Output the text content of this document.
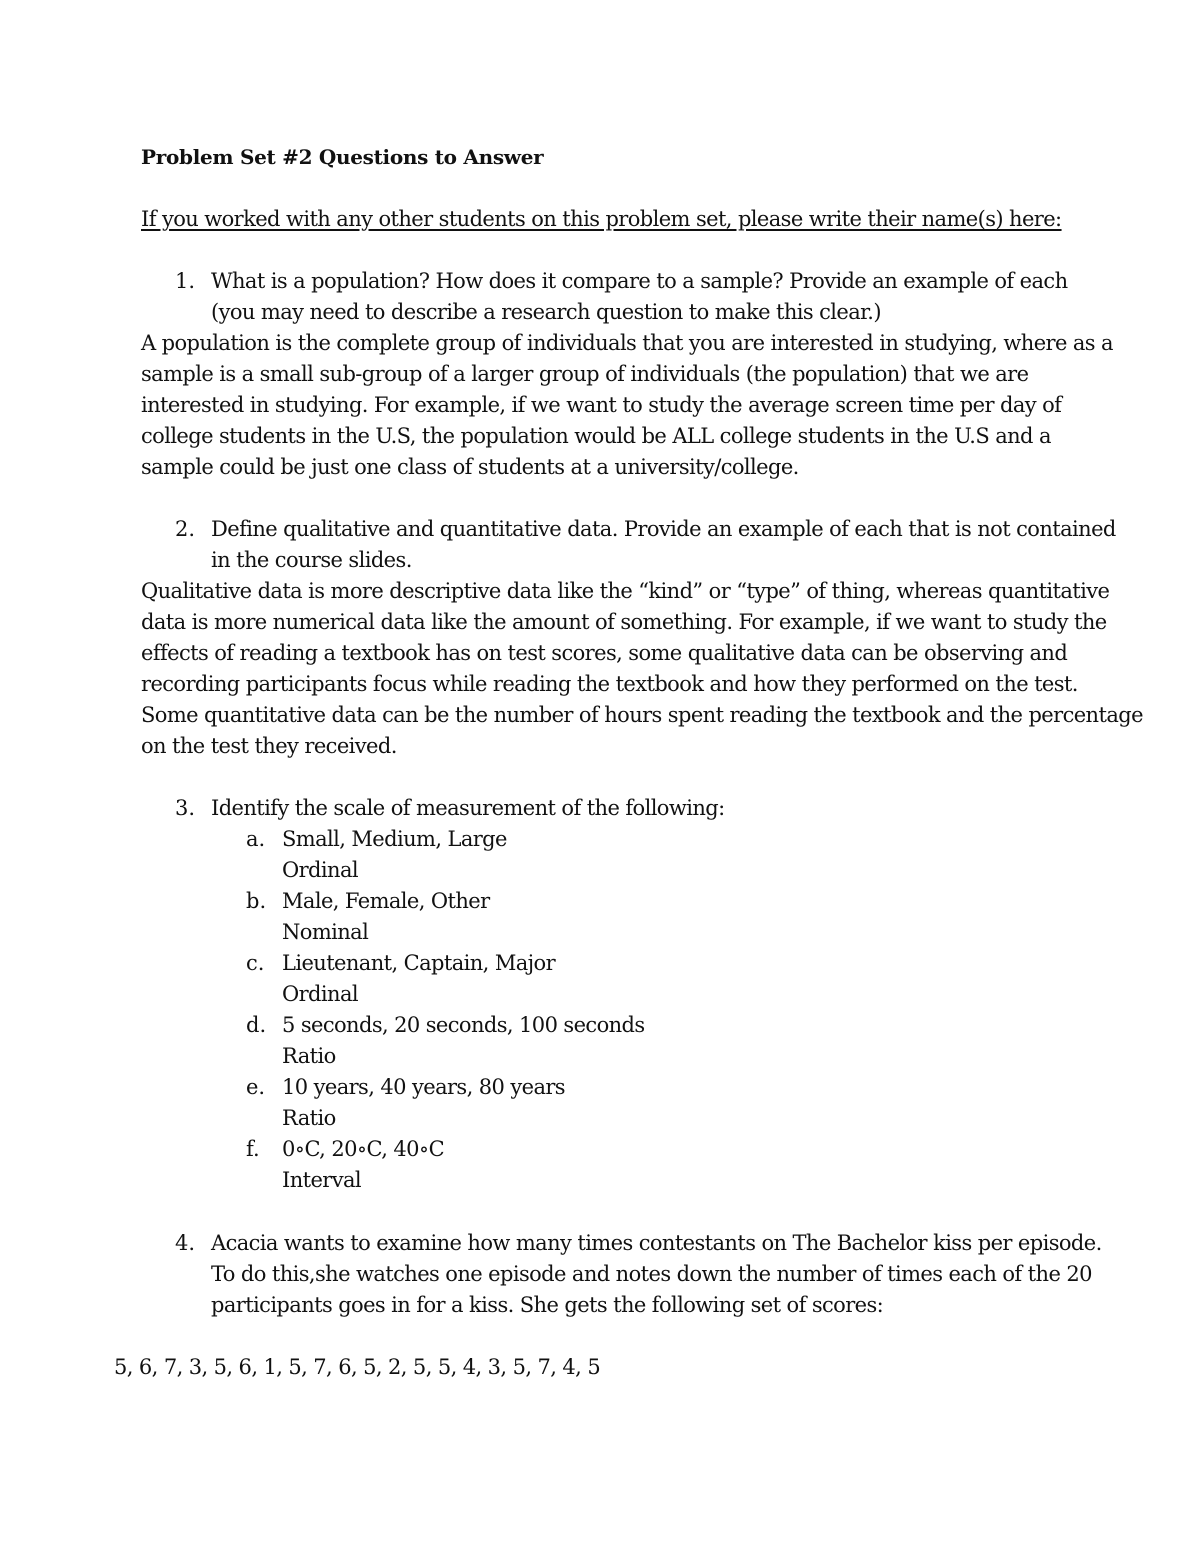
Problem Set #2 Questions to Answer
If you worked with any other students on this problem set, please write their name(s) here:
1. What is a population? How does it compare to a sample? Provide an example of each
(you may need to describe a research question to make this clear.)
A population is the complete group of individuals that you are interested in studying, where as a
sample is a small sub-group of a larger group of individuals (the population) that we are
interested in studying. For example, if we want to study the average screen time per day of
college students in the U.S, the population would be ALL college students in the U.S and a
sample could be just one class of students at a university/college.
2. Define qualitative and quantitative data. Provide an example of each that is not contained
in the course slides.
Qualitative data is more descriptive data like the “kind” or “type” of thing, whereas quantitative
data is more numerical data like the amount of something. For example, if we want to study the
effects of reading a textbook has on test scores, some qualitative data can be observing and
recording participants focus while reading the textbook and how they performed on the test.
Some quantitative data can be the number of hours spent reading the textbook and the percentage
on the test they received.
3. Identify the scale of measurement of the following:
a. Small, Medium, Large
Ordinal
b. Male, Female, Other
Nominal
c. Lieutenant, Captain, Major
Ordinal
d. 5 seconds, 20 seconds, 100 seconds
Ratio
e. 10 years, 40 years, 80 years
Ratio
f. 0∘C, 20∘C, 40∘C
Interval
4. Acacia wants to examine how many times contestants on The Bachelor kiss per episode.
To do this,she watches one episode and notes down the number of times each of the 20
participants goes in for a kiss. She gets the following set of scores:
5, 6, 7, 3, 5, 6, 1, 5, 7, 6, 5, 2, 5, 5, 4, 3, 5, 7, 4, 5
